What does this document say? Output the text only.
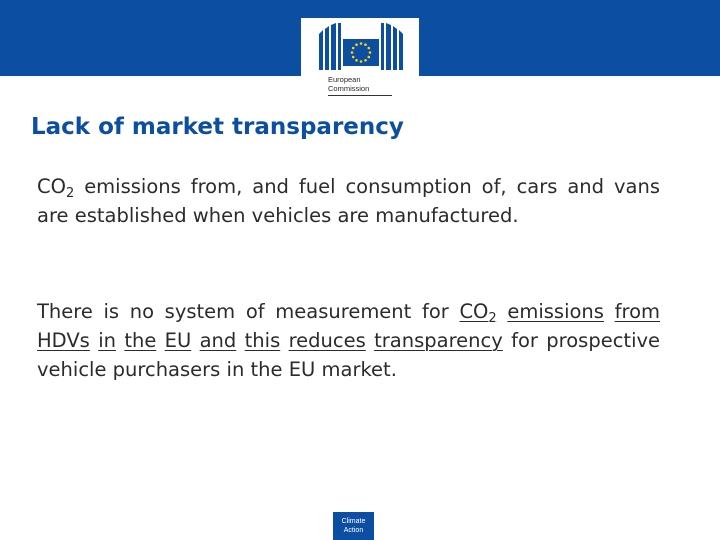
European
Commission
Lack of market transparency

$CO_2$ emissions from, and fuel consumption of, cars and vans are established when vehicles are manufactured.

There is no system of measurement for $CO_2$ emissions from HDVs in the EU and this reduces transparency for prospective vehicle purchasers in the EU market.

Climate
Action
